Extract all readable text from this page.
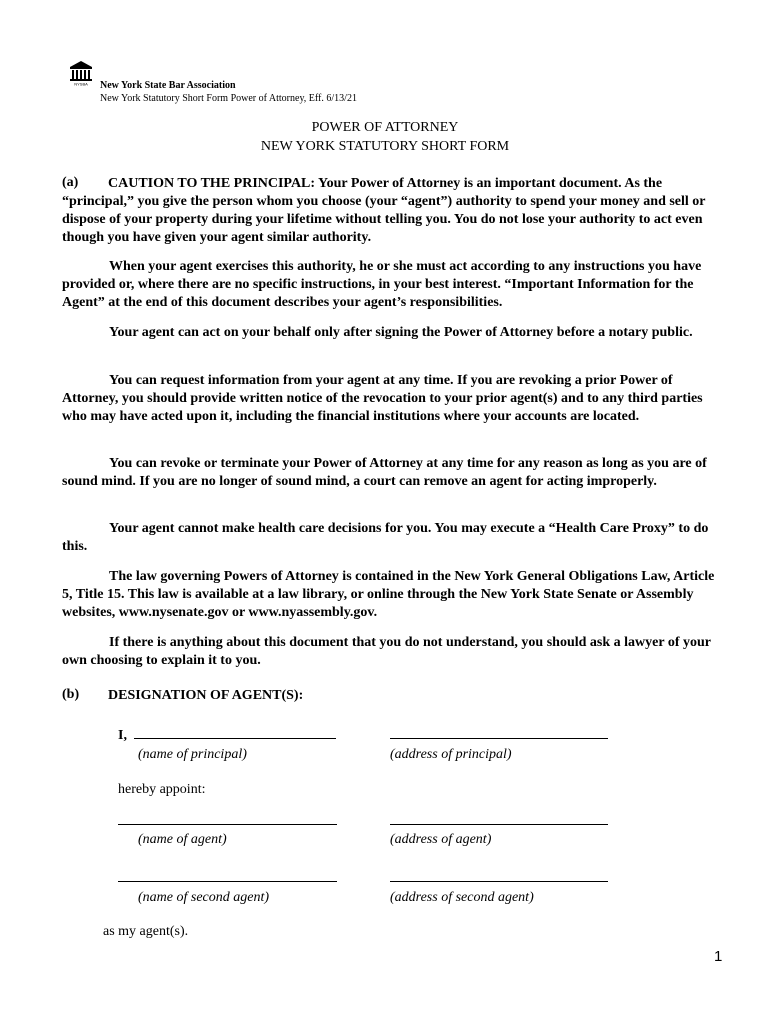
NYSBA New York State Bar Association
New York Statutory Short Form Power of Attorney, Eff. 6/13/21
POWER OF ATTORNEY
NEW YORK STATUTORY SHORT FORM
(a) CAUTION TO THE PRINCIPAL: Your Power of Attorney is an important document. As the
“principal,” you give the person whom you choose (your “agent”) authority to spend your money and sell or dispose of your property during your lifetime without telling you. You do not lose your authority to act even though you have given your agent similar authority.
When your agent exercises this authority, he or she must act according to any instructions you have provided or, where there are no specific instructions, in your best interest. “Important Information for the Agent” at the end of this document describes your agent’s responsibilities.
Your agent can act on your behalf only after signing the Power of Attorney before a notary public.
You can request information from your agent at any time. If you are revoking a prior Power of Attorney, you should provide written notice of the revocation to your prior agent(s) and to any third parties who may have acted upon it, including the financial institutions where your accounts are located.
You can revoke or terminate your Power of Attorney at any time for any reason as long as you are of sound mind. If you are no longer of sound mind, a court can remove an agent for acting improperly.
Your agent cannot make health care decisions for you. You may execute a “Health Care Proxy” to do this.
The law governing Powers of Attorney is contained in the New York General Obligations Law, Article 5, Title 15. This law is available at a law library, or online through the New York State Senate or Assembly websites, www.nysenate.gov or www.nyassembly.gov.
If there is anything about this document that you do not understand, you should ask a lawyer of your own choosing to explain it to you.
(b) DESIGNATION OF AGENT(S):
I,
(name of principal)	(address of principal)
hereby appoint:
(name of agent)	(address of agent)
(name of second agent)	(address of second agent)
as my agent(s).
1
